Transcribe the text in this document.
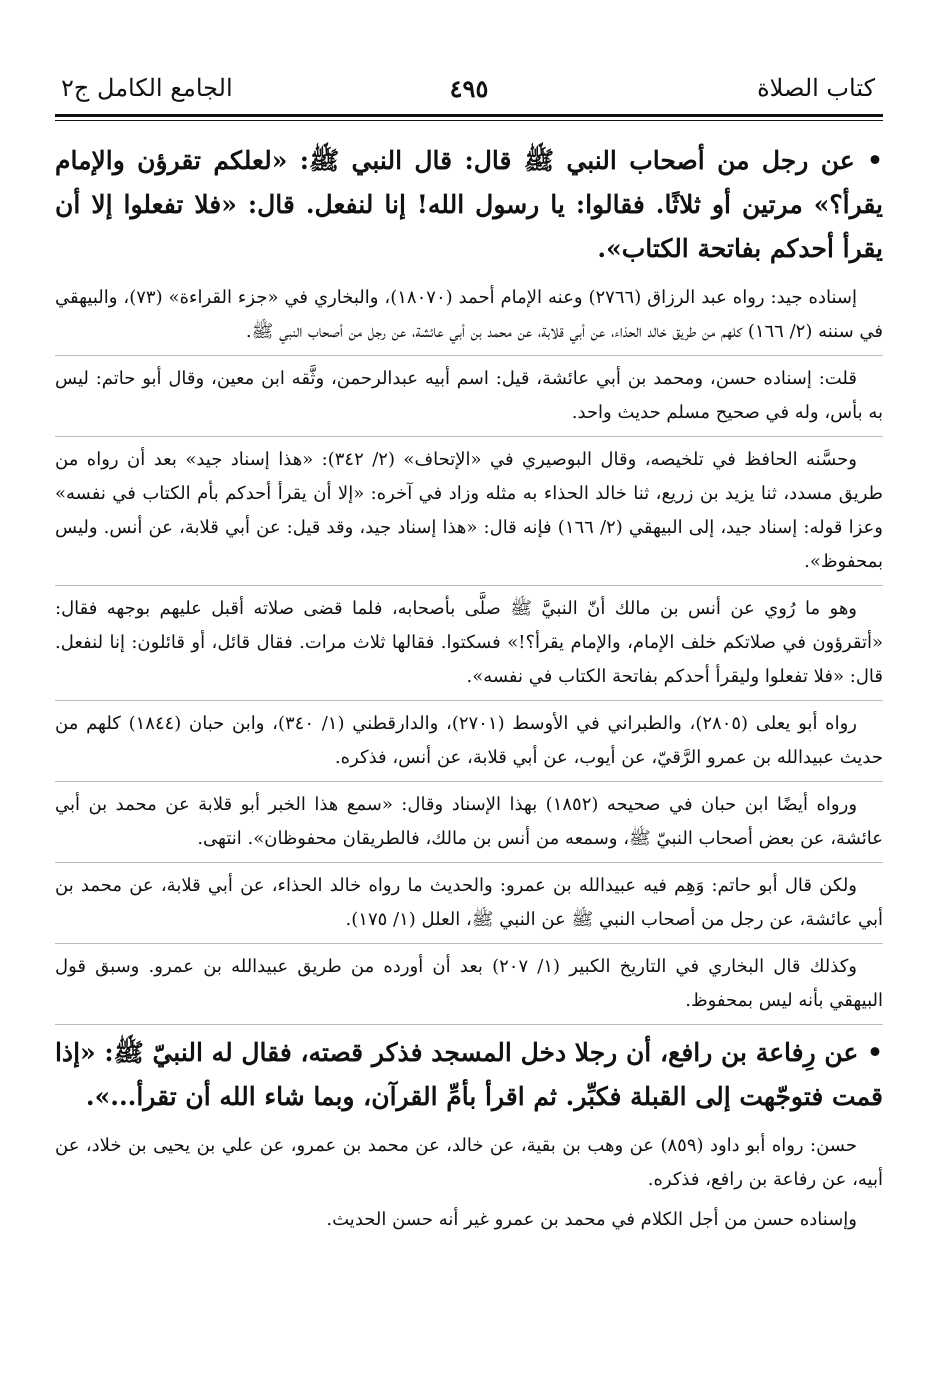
كتاب الصلاة
٤٩٥
الجامع الكامل ج٢

• عن رجل من أصحاب النبي ﷺ قال: قال النبي ﷺ: «لعلكم تقرؤن والإمام يقرأ؟» مرتين أو ثلاثًا. فقالوا: يا رسول الله! إنا لنفعل. قال: «فلا تفعلوا إلا أن يقرأ أحدكم بفاتحة الكتاب».

إسناده جيد: رواه عبد الرزاق (٢٧٦٦) وعنه الإمام أحمد (١٨٠٧٠)، والبخاري في «جزء القراءة» (٧٣)، والبيهقي في سننه (٢/ ١٦٦) كلهم من طريق خالد الحذاء، عن أبي قلابة، عن محمد بن أبي عائشة، عن رجل من أصحاب النبي ﷺ.

قلت: إسناده حسن، ومحمد بن أبي عائشة، قيل: اسم أبيه عبدالرحمن، وثَّقه ابن معين، وقال أبو حاتم: ليس به بأس، وله في صحيح مسلم حديث واحد.

وحسَّنه الحافظ في تلخيصه، وقال البوصيري في «الإتحاف» (٢/ ٣٤٢): «هذا إسناد جيد» بعد أن رواه من طريق مسدد، ثنا يزيد بن زريع، ثنا خالد الحذاء به مثله وزاد في آخره: «إلا أن يقرأ أحدكم بأم الكتاب في نفسه» وعزا قوله: إسناد جيد، إلى البيهقي (٢/ ١٦٦) فإنه قال: «هذا إسناد جيد، وقد قيل: عن أبي قلابة، عن أنس. وليس بمحفوظ».

وهو ما رُوي عن أنس بن مالك أنّ النبيَّ ﷺ صلَّى بأصحابه، فلما قضى صلاته أقبل عليهم بوجهه فقال: «أتقرؤون في صلاتكم خلف الإمام، والإمام يقرأ؟!» فسكتوا. فقالها ثلاث مرات. فقال قائل، أو قائلون: إنا لنفعل. قال: «فلا تفعلوا وليقرأ أحدكم بفاتحة الكتاب في نفسه».

رواه أبو يعلى (٢٨٠٥)، والطبراني في الأوسط (٢٧٠١)، والدارقطني (١/ ٣٤٠)، وابن حبان (١٨٤٤) كلهم من حديث عبيدالله بن عمرو الرَّقيّ، عن أيوب، عن أبي قلابة، عن أنس، فذكره.

ورواه أيضًا ابن حبان في صحيحه (١٨٥٢) بهذا الإسناد وقال: «سمع هذا الخبر أبو قلابة عن محمد بن أبي عائشة، عن بعض أصحاب النبيّ ﷺ، وسمعه من أنس بن مالك، فالطريقان محفوظان». انتهى.

ولكن قال أبو حاتم: وَهِم فيه عبيدالله بن عمرو: والحديث ما رواه خالد الحذاء، عن أبي قلابة، عن محمد بن أبي عائشة، عن رجل من أصحاب النبي ﷺ عن النبي ﷺ، العلل (١/ ١٧٥).

وكذلك قال البخاري في التاريخ الكبير (١/ ٢٠٧) بعد أن أورده من طريق عبيدالله بن عمرو. وسبق قول البيهقي بأنه ليس بمحفوظ.

• عن رِفاعة بن رافع، أن رجلا دخل المسجد فذكر قصته، فقال له النبيّ ﷺ: «إذا قمت فتوجّهت إلى القبلة فكبِّر. ثم اقرأ بأمِّ القرآن، وبما شاء الله أن تقرأ...».

حسن: رواه أبو داود (٨٥٩) عن وهب بن بقية، عن خالد، عن محمد بن عمرو، عن علي بن يحيى بن خلاد، عن أبيه، عن رفاعة بن رافع، فذكره.

وإسناده حسن من أجل الكلام في محمد بن عمرو غير أنه حسن الحديث.
